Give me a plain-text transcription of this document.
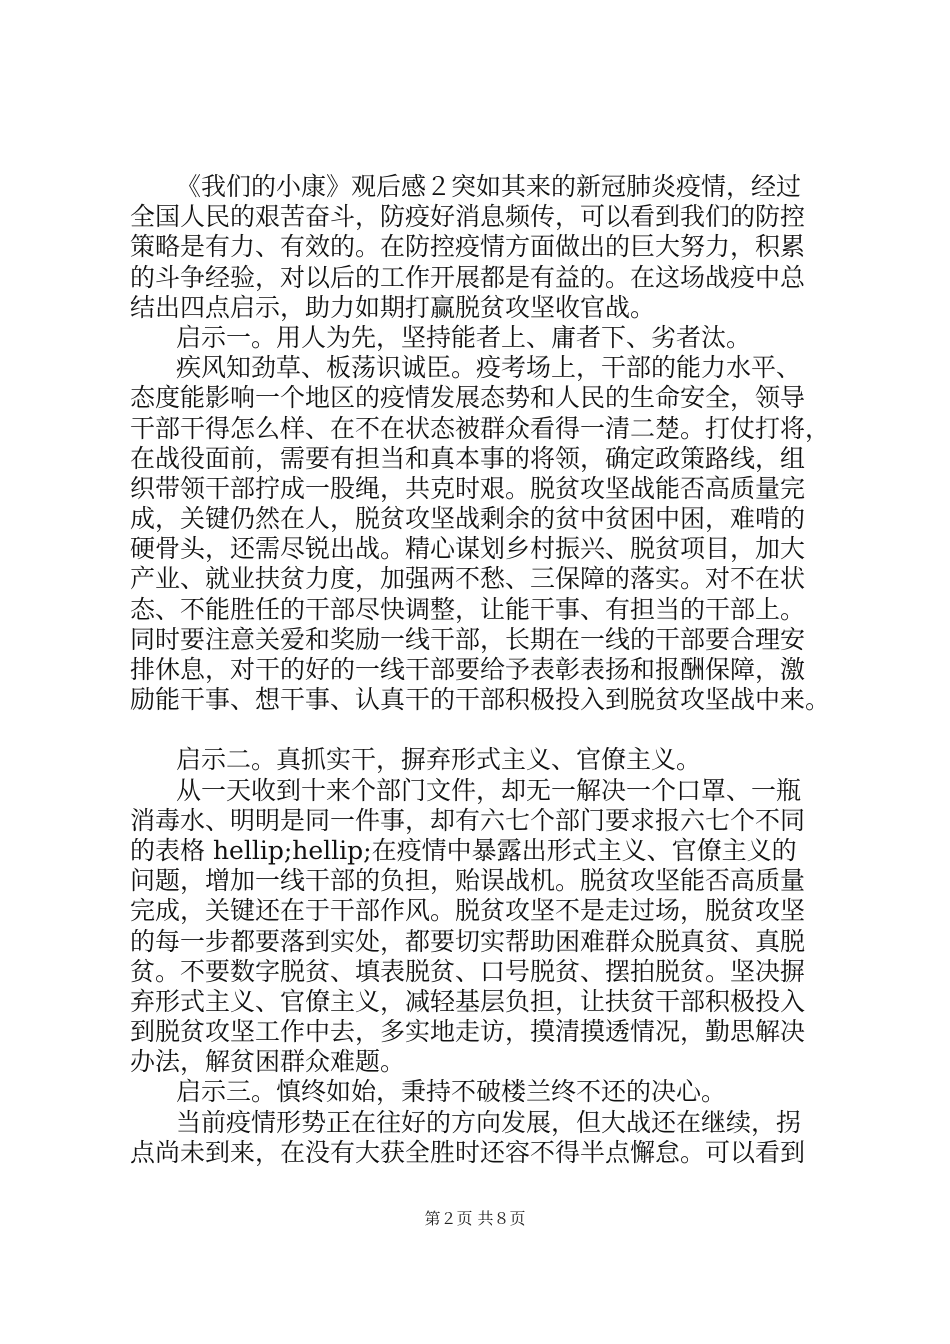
《我们的小康》观后感２突如其来的新冠肺炎疫情，经过
全国人民的艰苦奋斗，防疫好消息频传，可以看到我们的防控
策略是有力、有效的。在防控疫情方面做出的巨大努力，积累
的斗争经验，对以后的工作开展都是有益的。在这场战疫中总
结出四点启示，助力如期打赢脱贫攻坚收官战。
启示一。用人为先，坚持能者上、庸者下、劣者汰。
疾风知劲草、板荡识诚臣。疫考场上，干部的能力水平、
态度能影响一个地区的疫情发展态势和人民的生命安全，领导
干部干得怎么样、在不在状态被群众看得一清二楚。打仗打将，
在战役面前，需要有担当和真本事的将领，确定政策路线，组
织带领干部拧成一股绳，共克时艰。脱贫攻坚战能否高质量完
成，关键仍然在人，脱贫攻坚战剩余的贫中贫困中困，难啃的
硬骨头，还需尽锐出战。精心谋划乡村振兴、脱贫项目，加大
产业、就业扶贫力度，加强两不愁、三保障的落实。对不在状
态、不能胜任的干部尽快调整，让能干事、有担当的干部上。
同时要注意关爱和奖励一线干部，长期在一线的干部要合理安
排休息，对干的好的一线干部要给予表彰表扬和报酬保障，激
励能干事、想干事、认真干的干部积极投入到脱贫攻坚战中来。
启示二。真抓实干，摒弃形式主义、官僚主义。
从一天收到十来个部门文件，却无一解决一个口罩、一瓶
消毒水、明明是同一件事，却有六七个部门要求报六七个不同
的表格 hellip;hellip;在疫情中暴露出形式主义、官僚主义的
问题，增加一线干部的负担，贻误战机。脱贫攻坚能否高质量
完成，关键还在于干部作风。脱贫攻坚不是走过场，脱贫攻坚
的每一步都要落到实处，都要切实帮助困难群众脱真贫、真脱
贫。不要数字脱贫、填表脱贫、口号脱贫、摆拍脱贫。坚决摒
弃形式主义、官僚主义，减轻基层负担，让扶贫干部积极投入
到脱贫攻坚工作中去，多实地走访，摸清摸透情况，勤思解决
办法，解贫困群众难题。
启示三。慎终如始，秉持不破楼兰终不还的决心。
当前疫情形势正在往好的方向发展，但大战还在继续，拐
点尚未到来，在没有大获全胜时还容不得半点懈怠。可以看到
第２页 共８页
